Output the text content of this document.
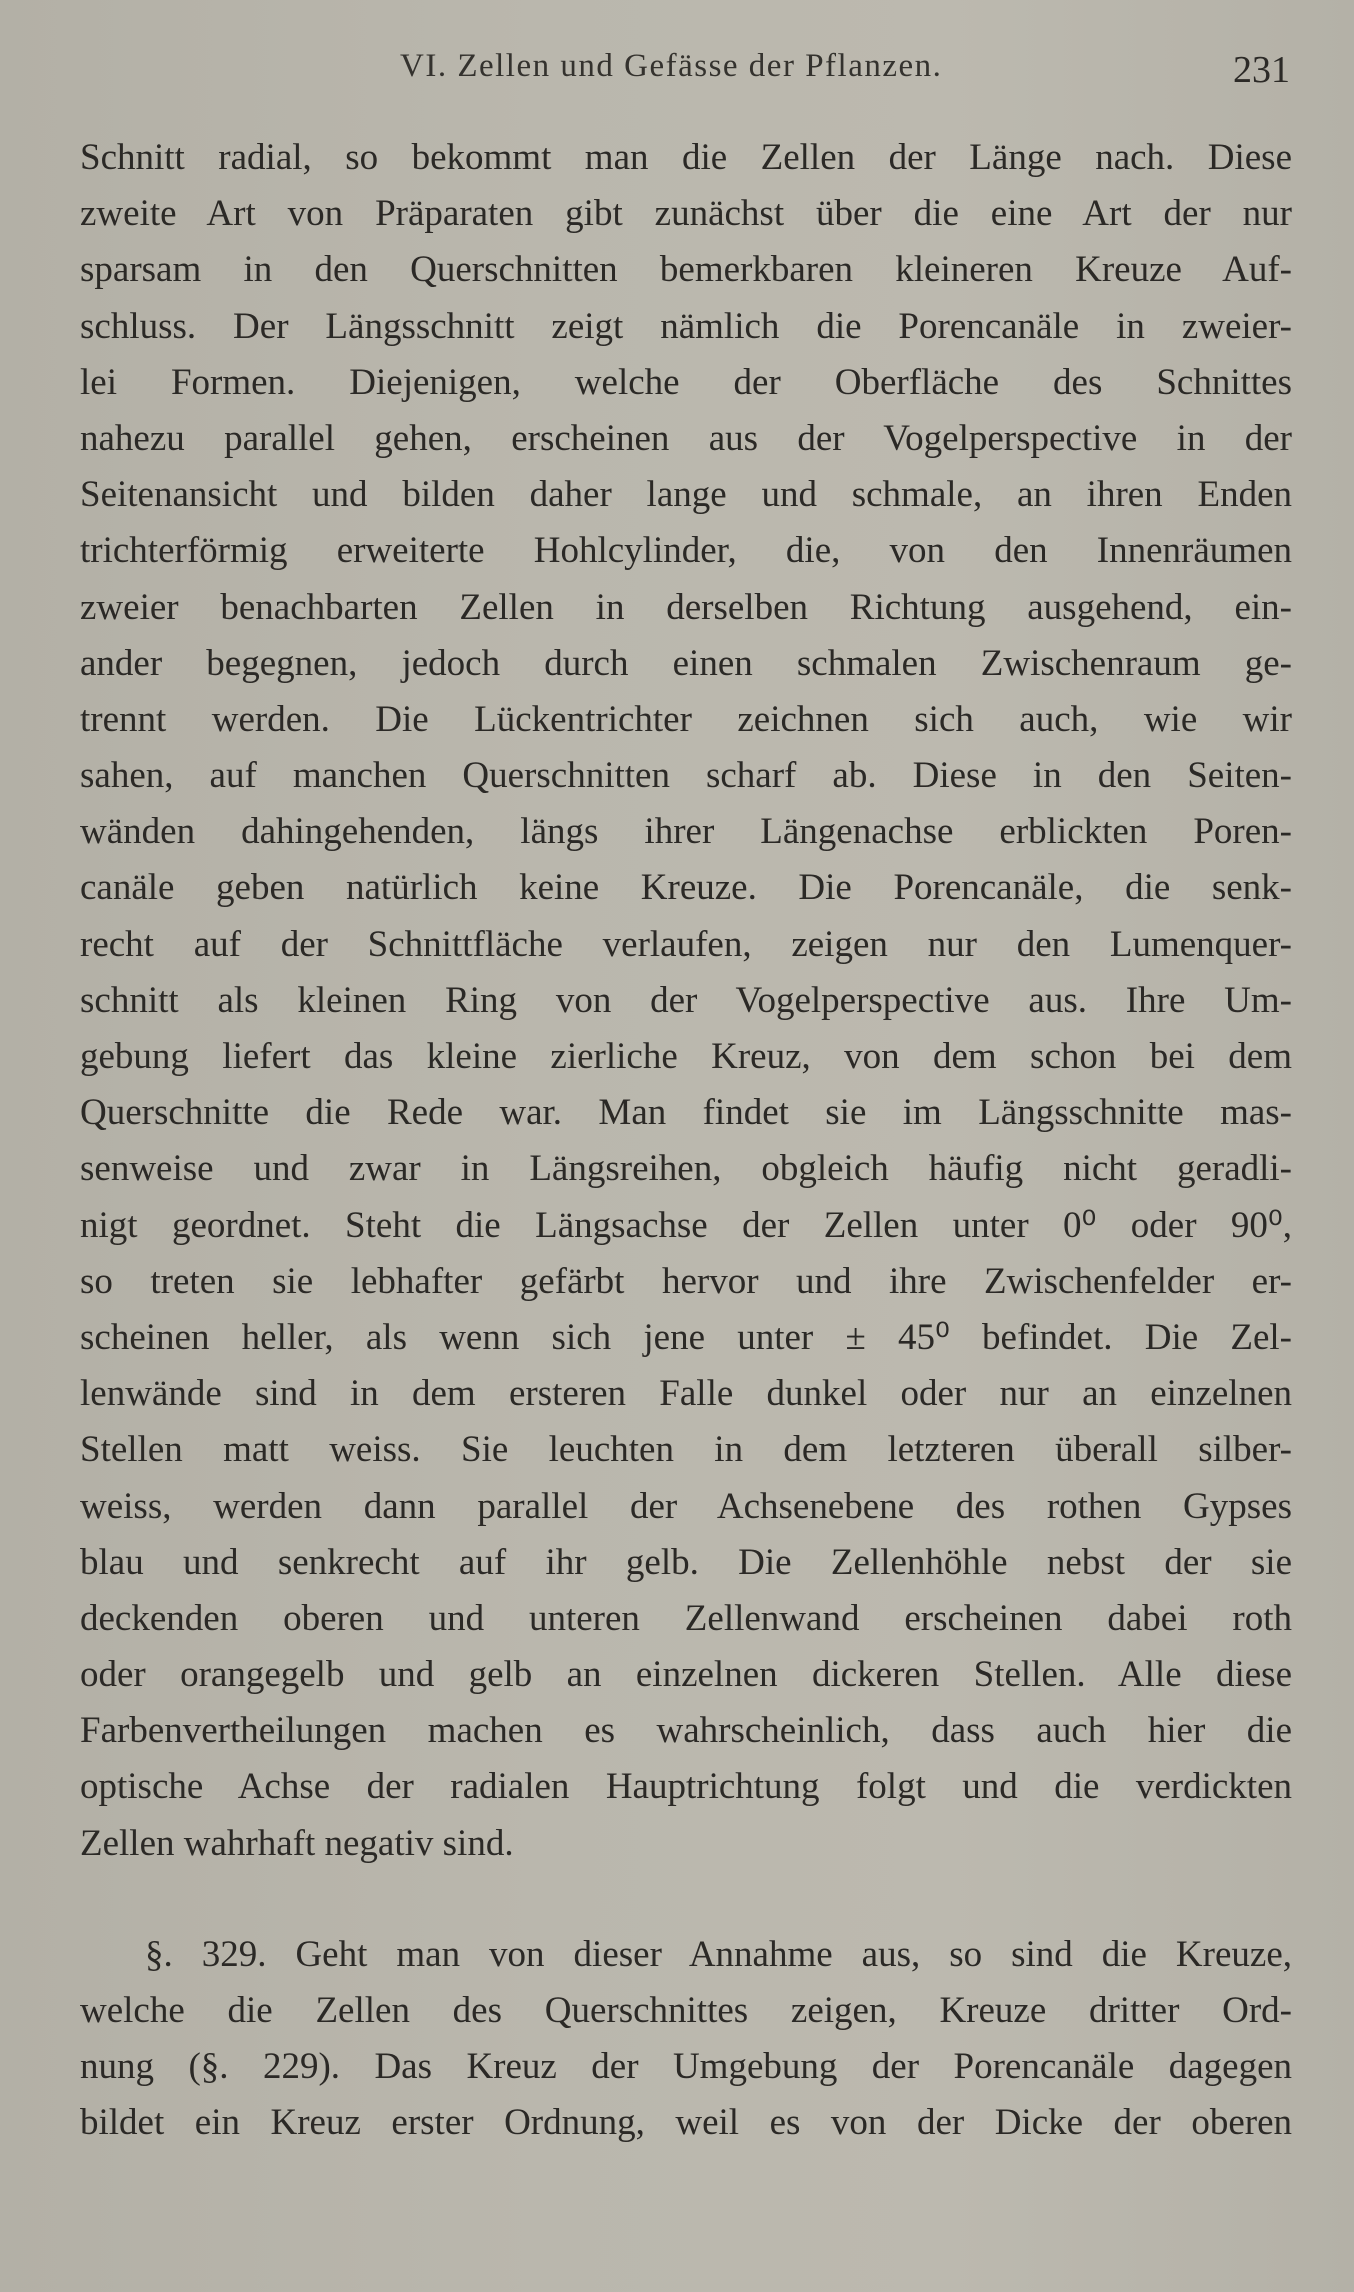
VI. Zellen und Gefässe der Pflanzen.	231
Schnitt radial, so bekommt man die Zellen der Länge nach. Diese
zweite Art von Präparaten gibt zunächst über die eine Art der nur
sparsam in den Querschnitten bemerkbaren kleineren Kreuze Auf-
schluss. Der Längsschnitt zeigt nämlich die Porencanäle in zweier-
lei Formen. Diejenigen, welche der Oberfläche des Schnittes
nahezu parallel gehen, erscheinen aus der Vogelperspective in der
Seitenansicht und bilden daher lange und schmale, an ihren Enden
trichterförmig erweiterte Hohlcylinder, die, von den Innenräumen
zweier benachbarten Zellen in derselben Richtung ausgehend, ein-
ander begegnen, jedoch durch einen schmalen Zwischenraum ge-
trennt werden. Die Lückentrichter zeichnen sich auch, wie wir
sahen, auf manchen Querschnitten scharf ab. Diese in den Seiten-
wänden dahingehenden, längs ihrer Längenachse erblickten Poren-
canäle geben natürlich keine Kreuze. Die Porencanäle, die senk-
recht auf der Schnittfläche verlaufen, zeigen nur den Lumenquer-
schnitt als kleinen Ring von der Vogelperspective aus. Ihre Um-
gebung liefert das kleine zierliche Kreuz, von dem schon bei dem
Querschnitte die Rede war. Man findet sie im Längsschnitte mas-
senweise und zwar in Längsreihen, obgleich häufig nicht geradli-
nigt geordnet. Steht die Längsachse der Zellen unter 0⁰ oder 90⁰,
so treten sie lebhafter gefärbt hervor und ihre Zwischenfelder er-
scheinen heller, als wenn sich jene unter ± 45⁰ befindet. Die Zel-
lenwände sind in dem ersteren Falle dunkel oder nur an einzelnen
Stellen matt weiss. Sie leuchten in dem letzteren überall silber-
weiss, werden dann parallel der Achsenebene des rothen Gypses
blau und senkrecht auf ihr gelb. Die Zellenhöhle nebst der sie
deckenden oberen und unteren Zellenwand erscheinen dabei roth
oder orangegelb und gelb an einzelnen dickeren Stellen. Alle diese
Farbenvertheilungen machen es wahrscheinlich, dass auch hier die
optische Achse der radialen Hauptrichtung folgt und die verdickten
Zellen wahrhaft negativ sind.
§. 329. Geht man von dieser Annahme aus, so sind die Kreuze,
welche die Zellen des Querschnittes zeigen, Kreuze dritter Ord-
nung (§. 229). Das Kreuz der Umgebung der Porencanäle dagegen
bildet ein Kreuz erster Ordnung, weil es von der Dicke der oberen
